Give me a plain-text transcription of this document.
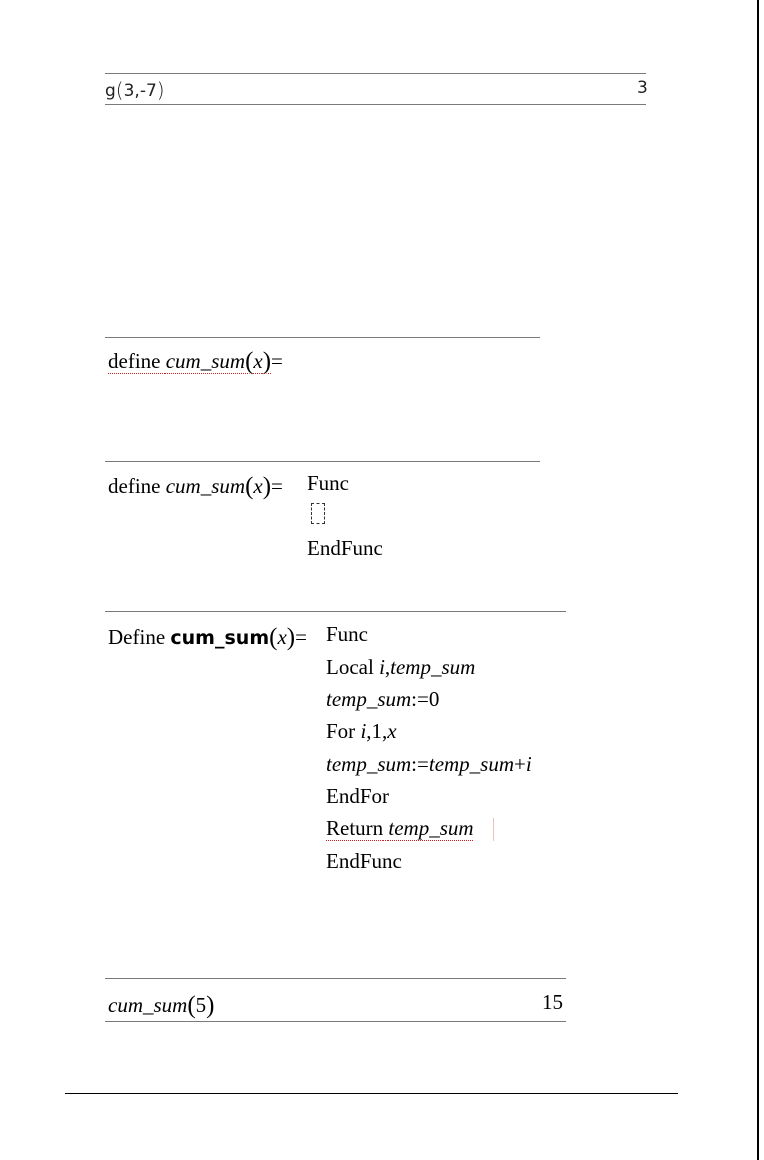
g(3,-7)	3
define cum_sum(x)=
define cum_sum(x)= Func
EndFunc
Define cum_sum(x)= Func
Local i,temp_sum
temp_sum:=0
For i,1,x
temp_sum:=temp_sum+i
EndFor
Return temp_sum
EndFunc
cum_sum(5)	15
